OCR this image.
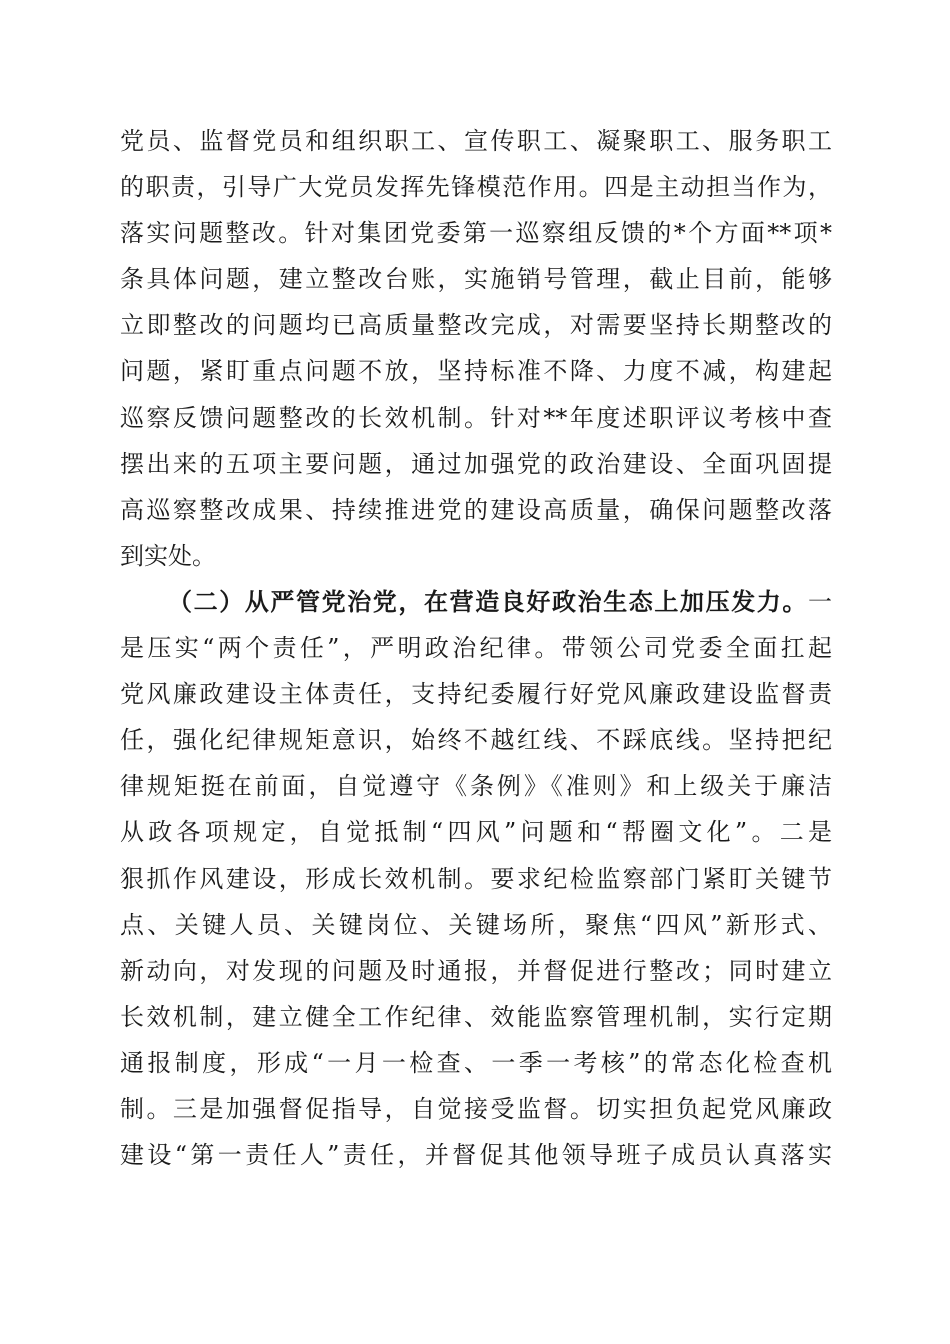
党员、监督党员和组织职工、宣传职工、凝聚职工、服务职工
的职责，引导广大党员发挥先锋模范作用。四是主动担当作为，
落实问题整改。针对集团党委第一巡察组反馈的*个方面**项*
条具体问题，建立整改台账，实施销号管理，截止目前，能够
立即整改的问题均已高质量整改完成，对需要坚持长期整改的
问题，紧盯重点问题不放，坚持标准不降、力度不减，构建起
巡察反馈问题整改的长效机制。针对**年度述职评议考核中查
摆出来的五项主要问题，通过加强党的政治建设、全面巩固提
高巡察整改成果、持续推进党的建设高质量，确保问题整改落
到实处。
（二）从严管党治党，在营造良好政治生态上加压发力。一
是压实“两个责任”，严明政治纪律。带领公司党委全面扛起
党风廉政建设主体责任，支持纪委履行好党风廉政建设监督责
任，强化纪律规矩意识，始终不越红线、不踩底线。坚持把纪
律规矩挺在前面，自觉遵守《条例》《准则》和上级关于廉洁
从政各项规定，自觉抵制“四风”问题和“帮圈文化”。二是
狠抓作风建设，形成长效机制。要求纪检监察部门紧盯关键节
点、关键人员、关键岗位、关键场所，聚焦“四风”新形式、
新动向，对发现的问题及时通报，并督促进行整改；同时建立
长效机制，建立健全工作纪律、效能监察管理机制，实行定期
通报制度，形成“一月一检查、一季一考核”的常态化检查机
制。三是加强督促指导，自觉接受监督。切实担负起党风廉政
建设“第一责任人”责任，并督促其他领导班子成员认真落实
